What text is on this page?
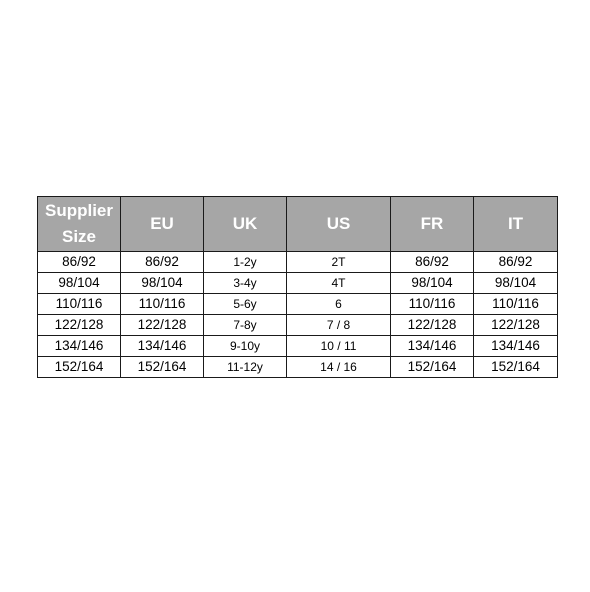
Supplier Size	EU	UK	US	FR	IT
86/92	86/92	1-2y	2T	86/92	86/92
98/104	98/104	3-4y	4T	98/104	98/104
110/116	110/116	5-6y	6	110/116	110/116
122/128	122/128	7-8y	7 / 8	122/128	122/128
134/146	134/146	9-10y	10 / 11	134/146	134/146
152/164	152/164	11-12y	14 / 16	152/164	152/164
